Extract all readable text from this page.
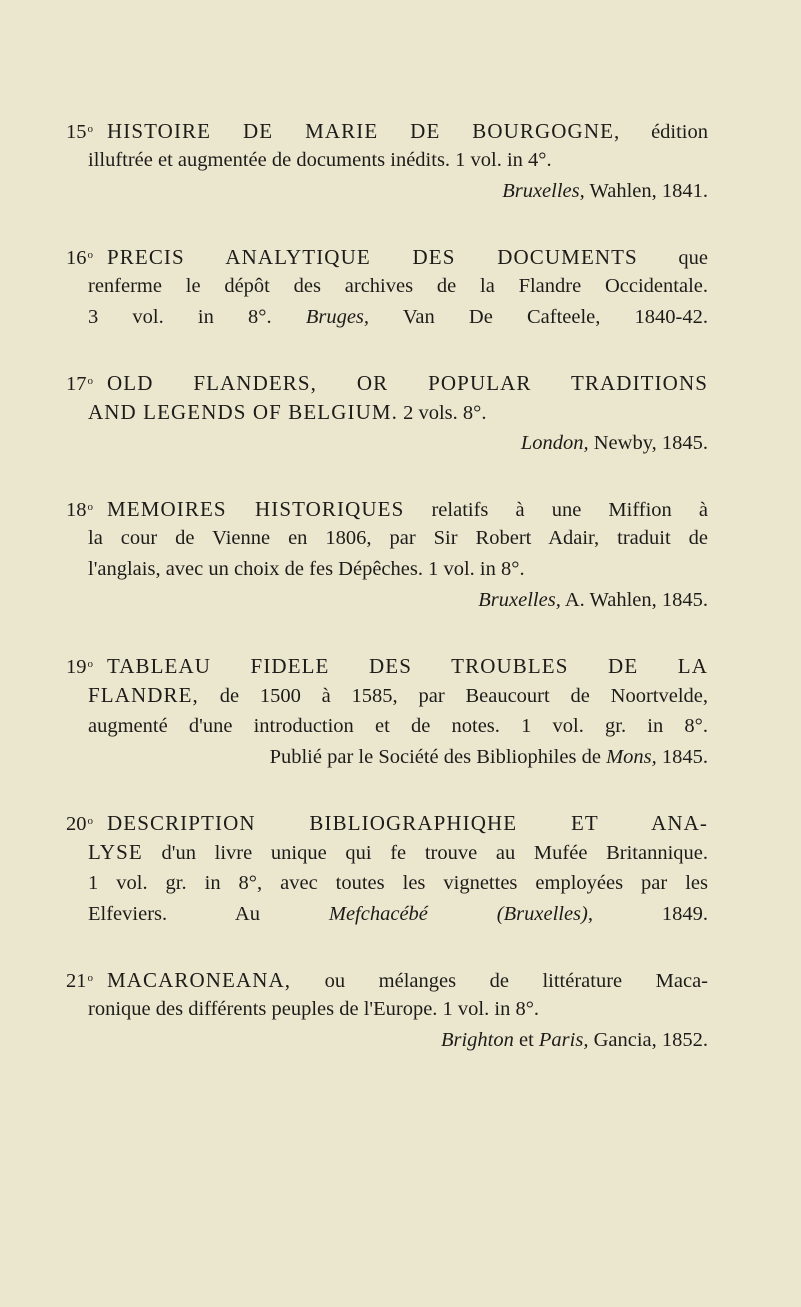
15$^o$ HISTOIRE DE MARIE DE BOURGOGNE, édition
illuftrée et augmentée de documents inédits. 1 vol. in 4°.
Bruxelles, Wahlen, 1841.
16$^o$ PRECIS ANALYTIQUE DES DOCUMENTS que
renferme le dépôt des archives de la Flandre Occidentale.
3 vol. in 8°. Bruges, Van De Cafteele, 1840-42.
17$^o$ OLD FLANDERS, OR POPULAR TRADITIONS
AND LEGENDS OF BELGIUM. 2 vols. 8°.
London, Newby, 1845.
18$^o$ MEMOIRES HISTORIQUES relatifs à une Miffion à
la cour de Vienne en 1806, par Sir Robert Adair, traduit de
l'anglais, avec un choix de fes Dépêches. 1 vol. in 8°.
Bruxelles, A. Wahlen, 1845.
19$^o$ TABLEAU FIDELE DES TROUBLES DE LA
FLANDRE, de 1500 à 1585, par Beaucourt de Noortvelde,
augmenté d'une introduction et de notes. 1 vol. gr. in 8°.
Publié par le Société des Bibliophiles de Mons, 1845.
20$^o$ DESCRIPTION BIBLIOGRAPHIQHE ET ANA-
LYSE d'un livre unique qui fe trouve au Mufée Britannique.
1 vol. gr. in 8°, avec toutes les vignettes employées par les
Elfeviers.	Au	Mefchacébé (Bruxelles),	1849.
21$^o$ MACARONEANA, ou mélanges de littérature Maca-
ronique des différents peuples de l'Europe. 1 vol. in 8°.
Brighton et Paris, Gancia, 1852.
